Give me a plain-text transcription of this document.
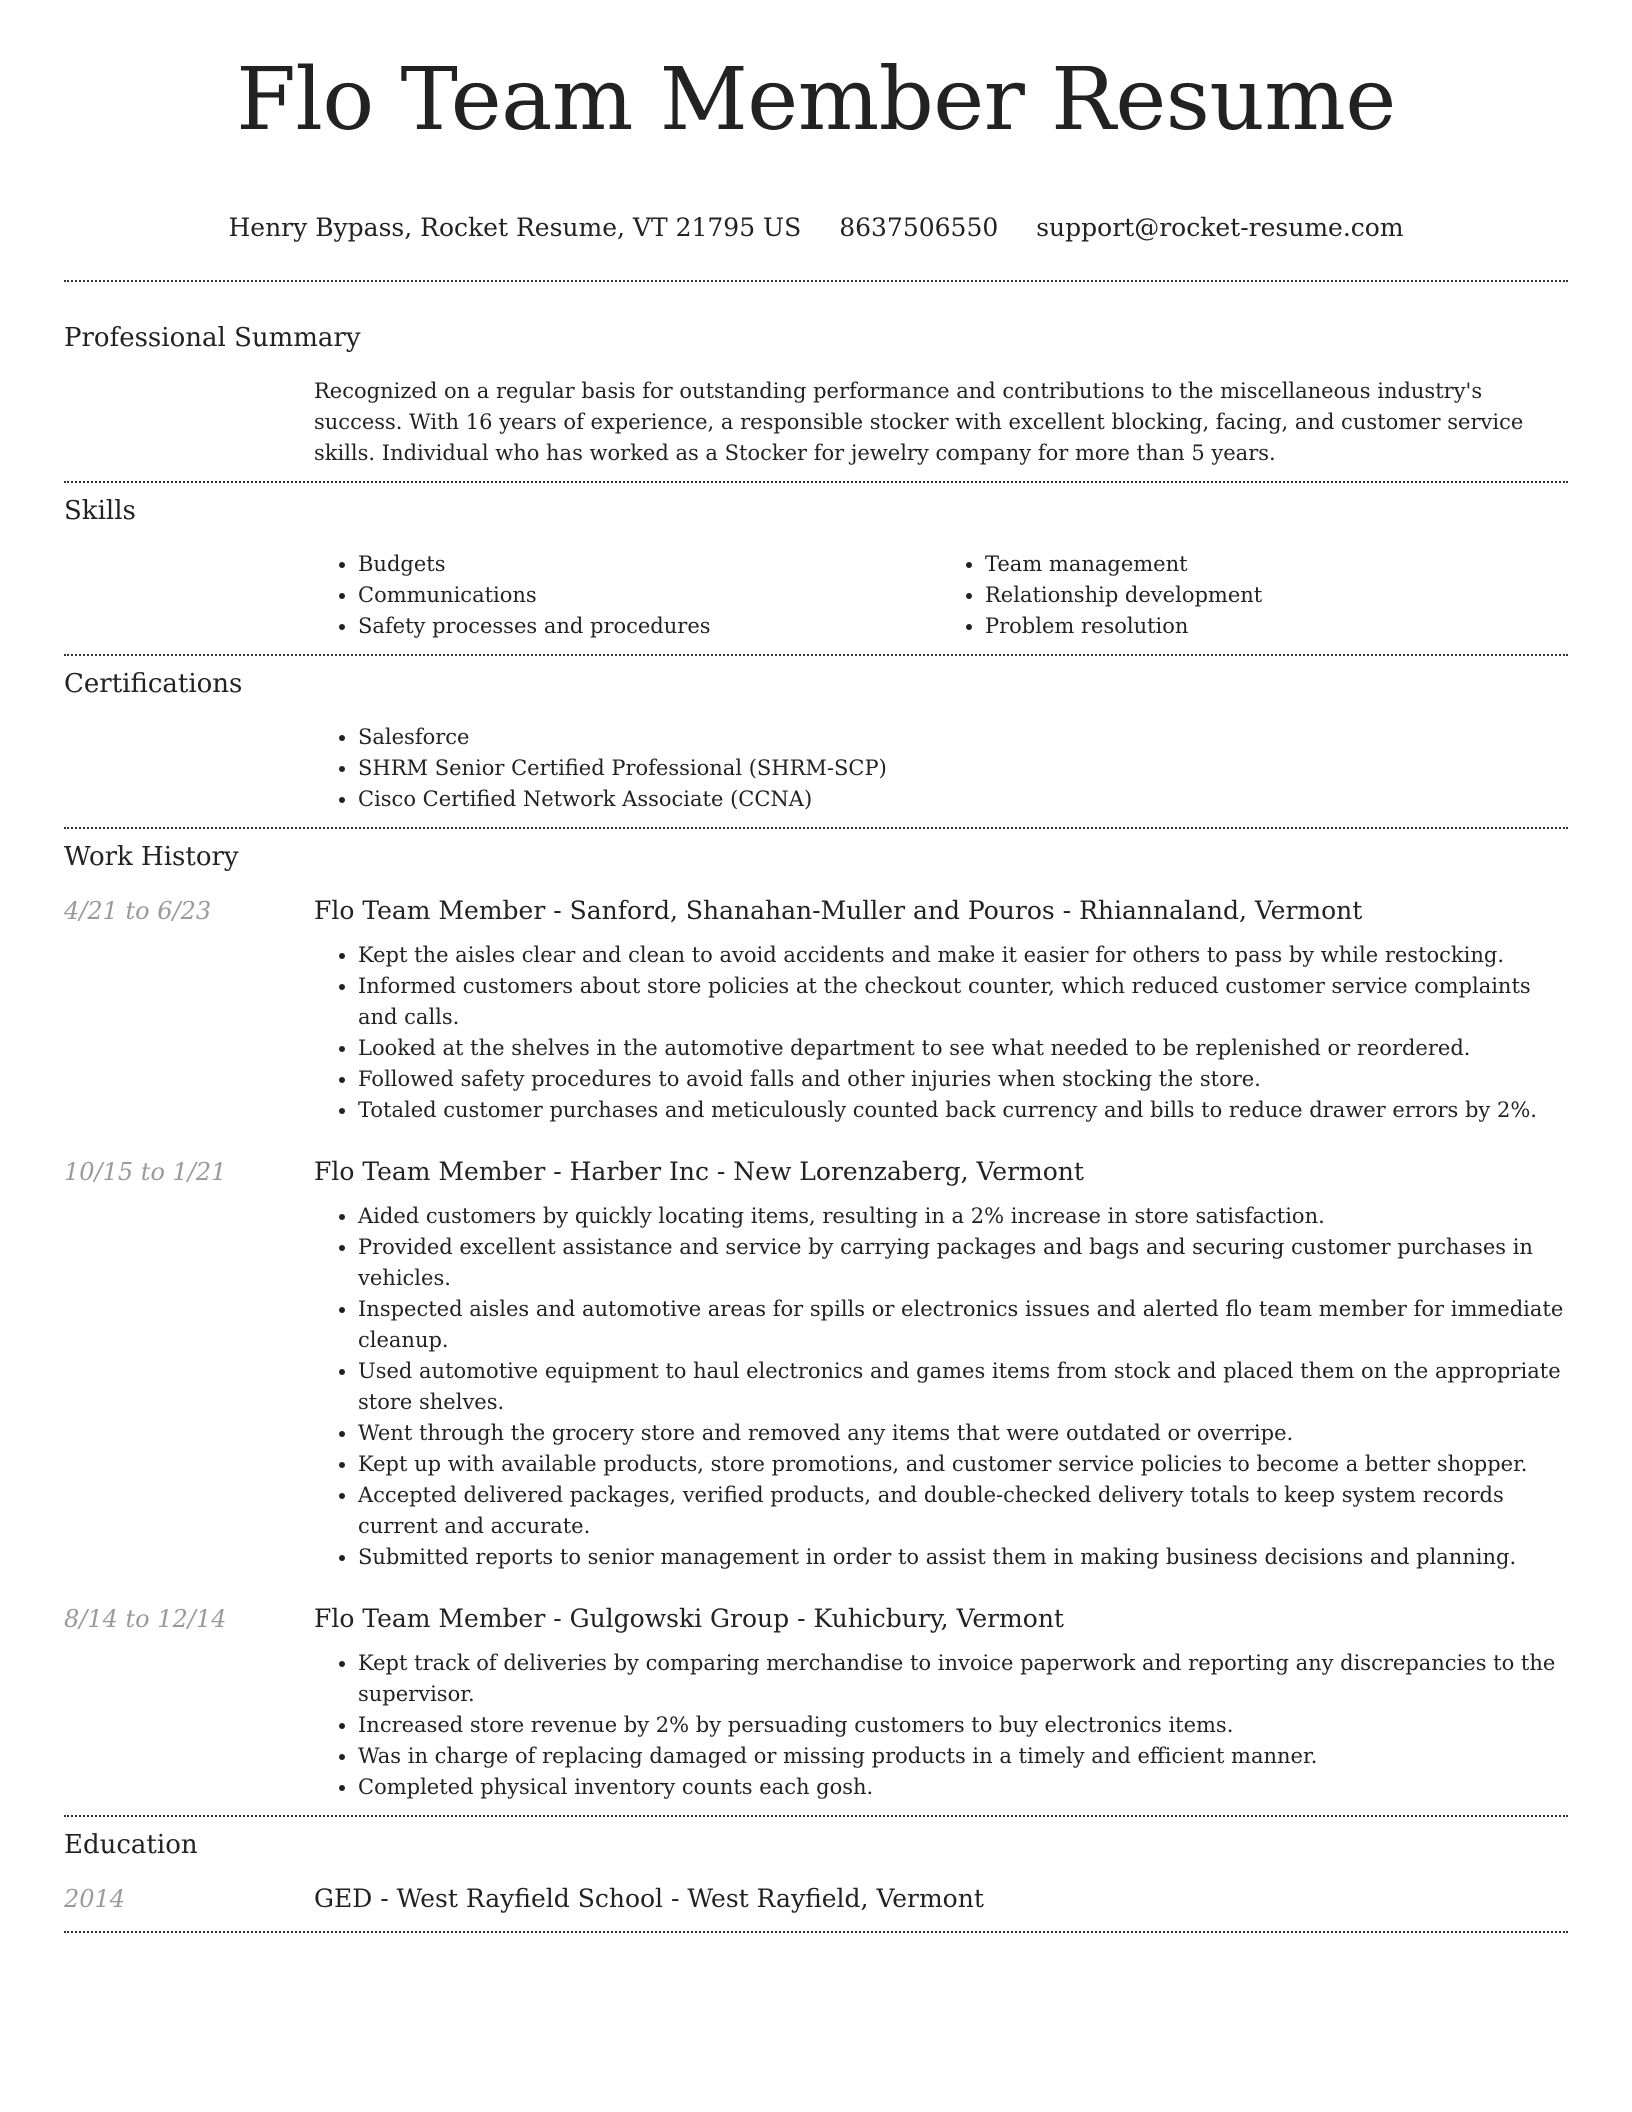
Flo Team Member Resume
Henry Bypass, Rocket Resume, VT 21795 US 8637506550 support@rocket-resume.com
Professional Summary
Recognized on a regular basis for outstanding performance and contributions to the miscellaneous industry's success. With 16 years of experience, a responsible stocker with excellent blocking, facing, and customer service skills. Individual who has worked as a Stocker for jewelry company for more than 5 years.
Skills
• Budgets
• Communications
• Safety processes and procedures
• Team management
• Relationship development
• Problem resolution
Certifications
• Salesforce
• SHRM Senior Certified Professional (SHRM-SCP)
• Cisco Certified Network Associate (CCNA)
Work History
4/21 to 6/23	Flo Team Member - Sanford, Shanahan-Muller and Pouros - Rhiannaland, Vermont
• Kept the aisles clear and clean to avoid accidents and make it easier for others to pass by while restocking.
• Informed customers about store policies at the checkout counter, which reduced customer service complaints and calls.
• Looked at the shelves in the automotive department to see what needed to be replenished or reordered.
• Followed safety procedures to avoid falls and other injuries when stocking the store.
• Totaled customer purchases and meticulously counted back currency and bills to reduce drawer errors by 2%.
10/15 to 1/21	Flo Team Member - Harber Inc - New Lorenzaberg, Vermont
• Aided customers by quickly locating items, resulting in a 2% increase in store satisfaction.
• Provided excellent assistance and service by carrying packages and bags and securing customer purchases in vehicles.
• Inspected aisles and automotive areas for spills or electronics issues and alerted flo team member for immediate cleanup.
• Used automotive equipment to haul electronics and games items from stock and placed them on the appropriate store shelves.
• Went through the grocery store and removed any items that were outdated or overripe.
• Kept up with available products, store promotions, and customer service policies to become a better shopper.
• Accepted delivered packages, verified products, and double-checked delivery totals to keep system records current and accurate.
• Submitted reports to senior management in order to assist them in making business decisions and planning.
8/14 to 12/14	Flo Team Member - Gulgowski Group - Kuhicbury, Vermont
• Kept track of deliveries by comparing merchandise to invoice paperwork and reporting any discrepancies to the supervisor.
• Increased store revenue by 2% by persuading customers to buy electronics items.
• Was in charge of replacing damaged or missing products in a timely and efficient manner.
• Completed physical inventory counts each gosh.
Education
2014	GED - West Rayfield School - West Rayfield, Vermont
